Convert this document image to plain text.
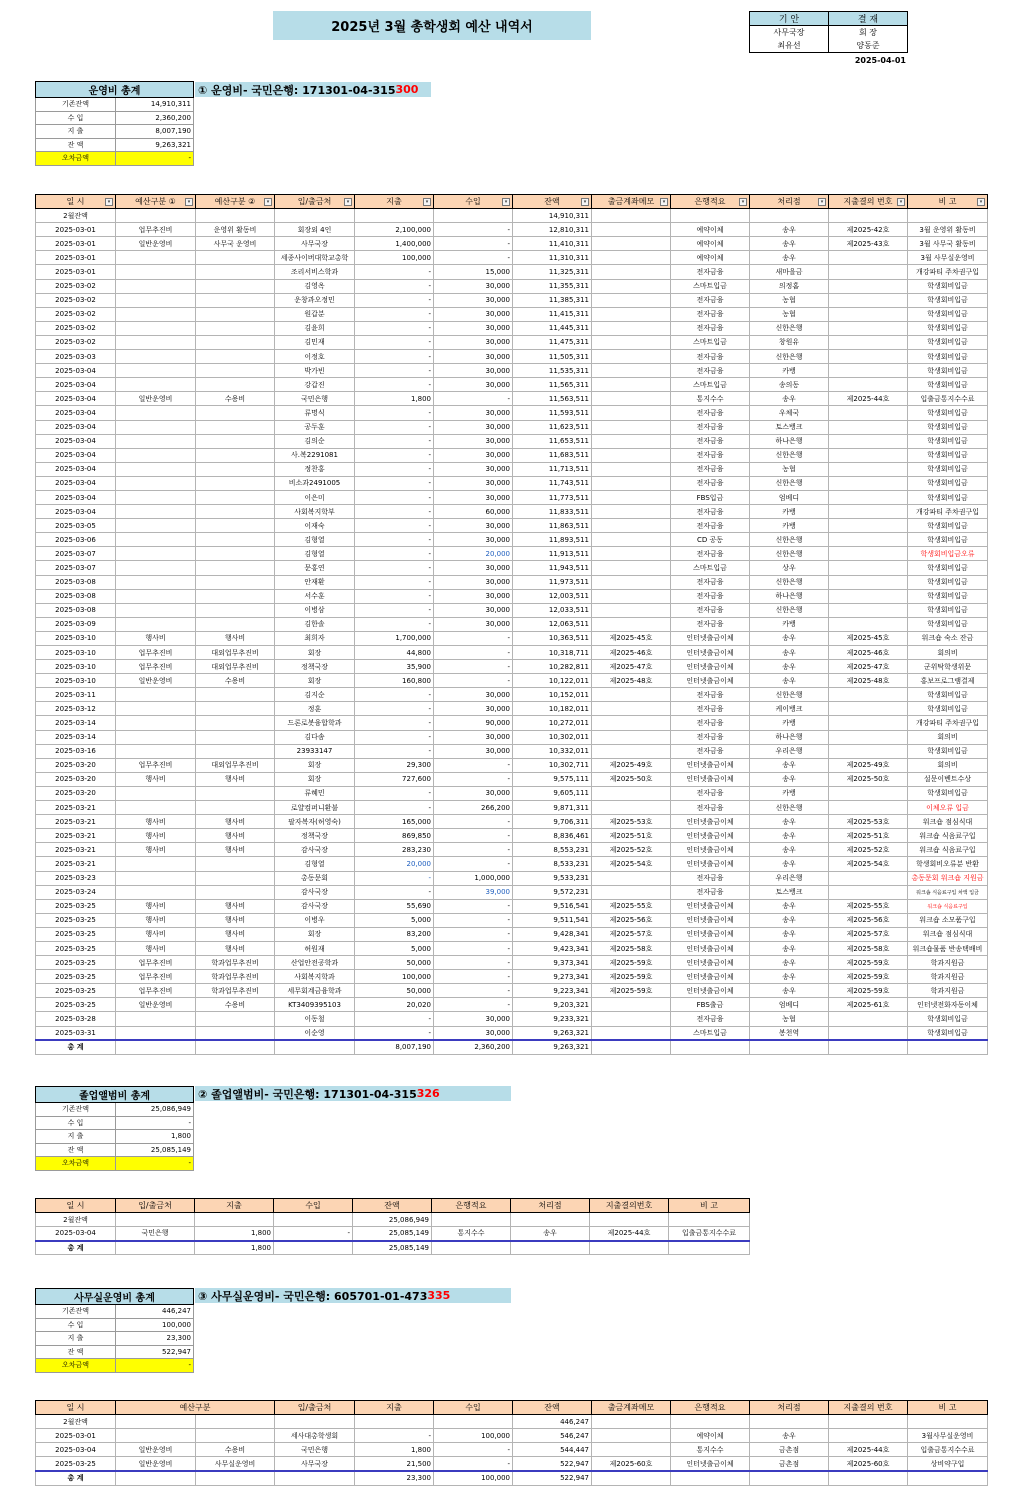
2025년 3월 총학생회 예산 내역서	기 안	결 재
사무국장	회 장
최유선	양동준
2025-04-01
운영비 총계	
기존잔액	14,910,311
수 입	2,360,200
지 출	8,007,190
잔 액	9,263,321
오차금액	-
① 운영비- 국민은행: 171301-04-315 300
일 시 ▾	예산구분 ① ▾	예산구분 ② ▾	입/출금처 ▾	지출 ▾	수입 ▾	잔액 ▾	출금계좌메모 ▾	은행적요 ▾	처리점 ▾	지출결의 번호 ▾	비 고 ▾

2월잔액						14,910,311					
2025-03-01	업무추진비	운영위 활동비	회장외 4인	2,100,000	-	12,810,311		예약이체	송우	제2025-42호	3월 운영위 활동비
2025-03-01	일반운영비	사무국 운영비	사무국장	1,400,000	-	11,410,311		예약이체	송우	제2025-43호	3월 사무국 활동비
2025-03-01			세종사이버대학교총학	100,000	-	11,310,311		예약이체	송우		3월 사무실운영비
2025-03-01			조리서비스학과	-	15,000	11,325,311		전자금융	새마을금		개강파티 주차권구입
2025-03-02			김영옥	-	30,000	11,355,311		스마트입금	의정홈		학생회비입금
2025-03-02			운창과오정민	-	30,000	11,385,311		전자금융	농협		학생회비입금
2025-03-02			원갑분	-	30,000	11,415,311		전자금융	농협		학생회비입금
2025-03-02			김윤희	-	30,000	11,445,311		전자금융	신한은행		학생회비입금
2025-03-02			김민재	-	30,000	11,475,311		스마트입금	창원유		학생회비입금
2025-03-03			이정호	-	30,000	11,505,311		전자금융	신한은행		학생회비입금
2025-03-04			박가빈	-	30,000	11,535,311		전자금융	카뱅		학생회비입금
2025-03-04			강갑진	-	30,000	11,565,311		스마트입금	송의동		학생회비입금
2025-03-04	일반운영비	수용비	국민은행	1,800	-	11,563,511		통지수수	송우	제2025-44호	입출금통지수수료
2025-03-04			류명식	-	30,000	11,593,511		전자금융	우체국		학생회비입금
2025-03-04			공두훈	-	30,000	11,623,511		전자금융	토스뱅크		학생회비입금
2025-03-04			김의순	-	30,000	11,653,511		전자금융	하나은행		학생회비입금
2025-03-04			사.복2291081	-	30,000	11,683,511		전자금융	신한은행		학생회비입금
2025-03-04			정찬홍	-	30,000	11,713,511		전자금융	농협		학생회비입금
2025-03-04			비소과2491005	-	30,000	11,743,511		전자금융	신한은행		학생회비입금
2025-03-04			이은미	-	30,000	11,773,511		FBS입금	엄베디		학생회비입금
2025-03-04			사회복지학부	-	60,000	11,833,511		전자금융	카뱅		개강파티 주차권구입
2025-03-05			이재숙	-	30,000	11,863,511		전자금융	카뱅		학생회비입금
2025-03-06			김형열	-	30,000	11,893,511		CD 공동	신한은행		학생회비입금
2025-03-07			김형열	-	20,000	11,913,511		전자금융	신한은행		학생회비입금오류
2025-03-07			문홍연	-	30,000	11,943,511		스마트입금	상우		학생회비입금
2025-03-08			안재환	-	30,000	11,973,511		전자금융	신한은행		학생회비입금
2025-03-08			서수훈	-	30,000	12,003,511		전자금융	하나은행		학생회비입금
2025-03-08			이병삼	-	30,000	12,033,511		전자금융	신한은행		학생회비입금
2025-03-09			김한솔	-	30,000	12,063,511		전자금융	카뱅		학생회비입금
2025-03-10	행사비	행사비	최희자	1,700,000	-	10,363,511	제2025-45호	인터넷출금이체	송우	제2025-45호	워크숍 숙소 잔금
2025-03-10	업무추진비	대외업무추진비	회장	44,800	-	10,318,711	제2025-46호	인터넷출금이체	송우	제2025-46호	회의비
2025-03-10	업무추진비	대외업무추진비	정책국장	35,900	-	10,282,811	제2025-47호	인터넷출금이체	송우	제2025-47호	군위탁학생위문
2025-03-10	일반운영비	수용비	회장	160,800	-	10,122,011	제2025-48호	인터넷출금이체	송우	제2025-48호	홍보프로그램결제
2025-03-11			김지순	-	30,000	10,152,011		전자금융	신한은행		학생회비입금
2025-03-12			정훈	-	30,000	10,182,011		전자금융	케이뱅크		학생회비입금
2025-03-14			드론로봇융합학과	-	90,000	10,272,011		전자금융	카뱅		개강파티 주차권구입
2025-03-14			김다솜	-	30,000	10,302,011		전자금융	하나은행		회의비
2025-03-16			23933147	-	30,000	10,332,011		전자금융	우리은행		학생회비입금
2025-03-20	업무추진비	대외업무추진비	회장	29,300	-	10,302,711	제2025-49호	인터넷출금이체	송우	제2025-49호	회의비
2025-03-20	행사비	행사비	회장	727,600	-	9,575,111	제2025-50호	인터넷출금이체	송우	제2025-50호	설문이벤트수상
2025-03-20			류혜민	-	30,000	9,605,111		전자금융	카뱅		학생회비입금
2025-03-21			로얄컴퍼니환불	-	266,200	9,871,311		전자금융	신한은행		이체오류 입금
2025-03-21	행사비	행사비	팔자복자(허영숙)	165,000	-	9,706,311	제2025-53호	인터넷출금이체	송우	제2025-53호	워크숍 점심식대
2025-03-21	행사비	행사비	정책국장	869,850	-	8,836,461	제2025-51호	인터넷출금이체	송우	제2025-51호	워크숍 식음료구입
2025-03-21	행사비	행사비	감사국장	283,230	-	8,553,231	제2025-52호	인터넷출금이체	송우	제2025-52호	워크숍 식음료구입
2025-03-21			김형열	20,000	-	8,533,231	제2025-54호	인터넷출금이체	송우	제2025-54호	학생회비오류분 반환
2025-03-23			총동문회	-	1,000,000	9,533,231		전자금융	우리은행		총동문회 워크숍 지원금
2025-03-24			감사국장	-	39,000	9,572,231		전자금융	토스뱅크		워크숍 식음료구입 차액 입금
2025-03-25	행사비	행사비	감사국장	55,690	-	9,516,541	제2025-55호	인터넷출금이체	송우	제2025-55호	워크숍 식음료구입
2025-03-25	행사비	행사비	이병우	5,000	-	9,511,541	제2025-56호	인터넷출금이체	송우	제2025-56호	워크숍 소모품구입
2025-03-25	행사비	행사비	회장	83,200	-	9,428,341	제2025-57호	인터넷출금이체	송우	제2025-57호	워크숍 점심식대
2025-03-25	행사비	행사비	허원재	5,000	-	9,423,341	제2025-58호	인터넷출금이체	송우	제2025-58호	워크숍물품 반송택배비
2025-03-25	업무추진비	학과업무추진비	산업안전공학과	50,000	-	9,373,341	제2025-59호	인터넷출금이체	송우	제2025-59호	학과지원금
2025-03-25	업무추진비	학과업무추진비	사회복지학과	100,000	-	9,273,341	제2025-59호	인터넷출금이체	송우	제2025-59호	학과지원금
2025-03-25	업무추진비	학과업무추진비	세무회계금융학과	50,000	-	9,223,341	제2025-59호	인터넷출금이체	송우	제2025-59호	학과지원금
2025-03-25	일반운영비	수용비	KT3409395103	20,020	-	9,203,321		FBS출금	엄베디	제2025-61호	인터넷전화자동이체
2025-03-28			이동철	-	30,000	9,233,321		전자금융	농협		학생회비입금
2025-03-31			이순영	-	30,000	9,263,321		스마트입금	봉천역		학생회비입금
총 계				8,007,190	2,360,200	9,263,321					
졸업앨범비 총계	
기존잔액	25,086,949
수 입	-
지 출	1,800
잔 액	25,085,149
오차금액	-
② 졸업앨범비- 국민은행: 171301-04-315 326
일 시	입/출금처	지출	수입	잔액	은행적요	처리점	지출결의번호	비 고
2월잔액				25,086,949				
2025-03-04	국민은행	1,800	-	25,085,149	통지수수	송우	제2025-44호	입출금통지수수료
총 계		1,800		25,085,149				
사무실운영비 총계	
기존잔액	446,247
수 입	100,000
지 출	23,300
잔 액	522,947
오차금액	-
③ 사무실운영비- 국민은행: 605701-01-473 335
일 시	예산구분		입/출금처	지출	수입	잔액	출금계좌메모	은행적요	처리점	지출결의 번호	비 고
2월잔액						446,247					
2025-03-01			세사대총학생회	-	100,000	546,247		예약이체	송우		3월사무실운영비
2025-03-04	일반운영비	수용비	국민은행	1,800	-	544,447		통지수수	금촌점	제2025-44호	입출금통지수수료
2025-03-25	일반운영비	사무실운영비	사무국장	21,500	-	522,947	제2025-60호	인터넷출금이체	금촌점	제2025-60호	상비약구입
총 계				23,300	100,000	522,947					
